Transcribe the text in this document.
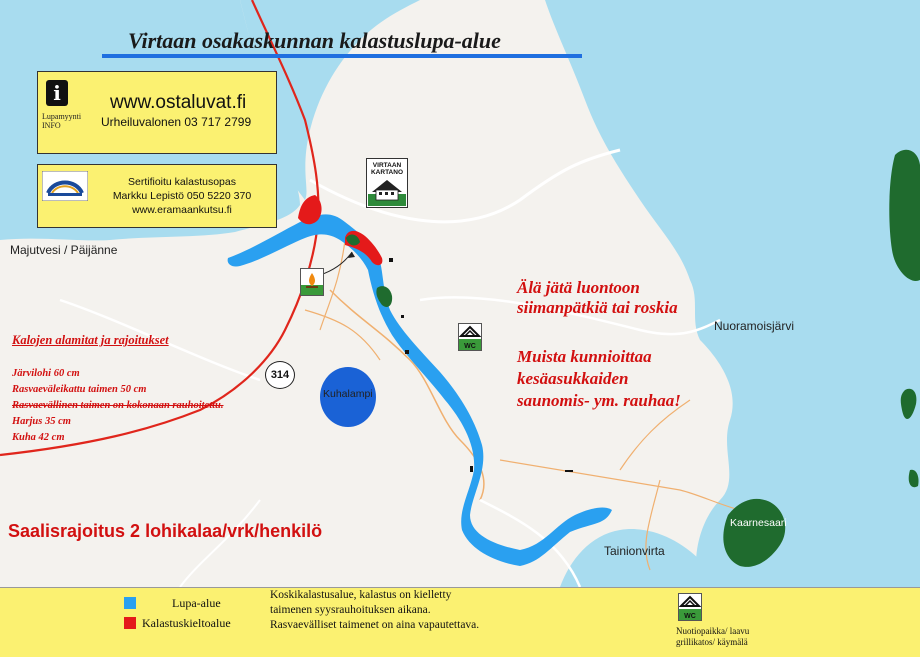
Virtaan osakaskunnan kalastuslupa-alue
i
Lupamyynti
INFO
www.ostaluvat.fi
Urheiluvalonen 03 717 2799
Sertifioitu kalastusopas
Markku Lepistö 050 5220 370
www.eramaankutsu.fi
VIRTAAN
KARTANO
WC
314
Majutvesi / Päijänne
Nuoramoisjärvi
Kuhalampi
Tainionvirta
Kaarnesaari
Kalojen alamitat ja rajoitukset
Järvilohi 60 cm
Rasvaeväleikattu taimen 50 cm
Rasvaevällinen taimen on kokonaan rauhoitettu.
Harjus 35 cm
Kuha 42 cm
Älä jätä luontoon
siimanpätkiä tai roskia
Muista kunnioittaa
kesäasukkaiden
saunomis- ym. rauhaa!
Saalisrajoitus 2 lohikalaa/vrk/henkilö
Lupa-alue
Kalastuskieltoalue
Koskikalastusalue, kalastus on kielletty
taimenen syysrauhoituksen aikana.
Rasvaevälliset taimenet on aina vapautettava.
WC
Nuotiopaikka/ laavu
grillikatos/ käymälä
